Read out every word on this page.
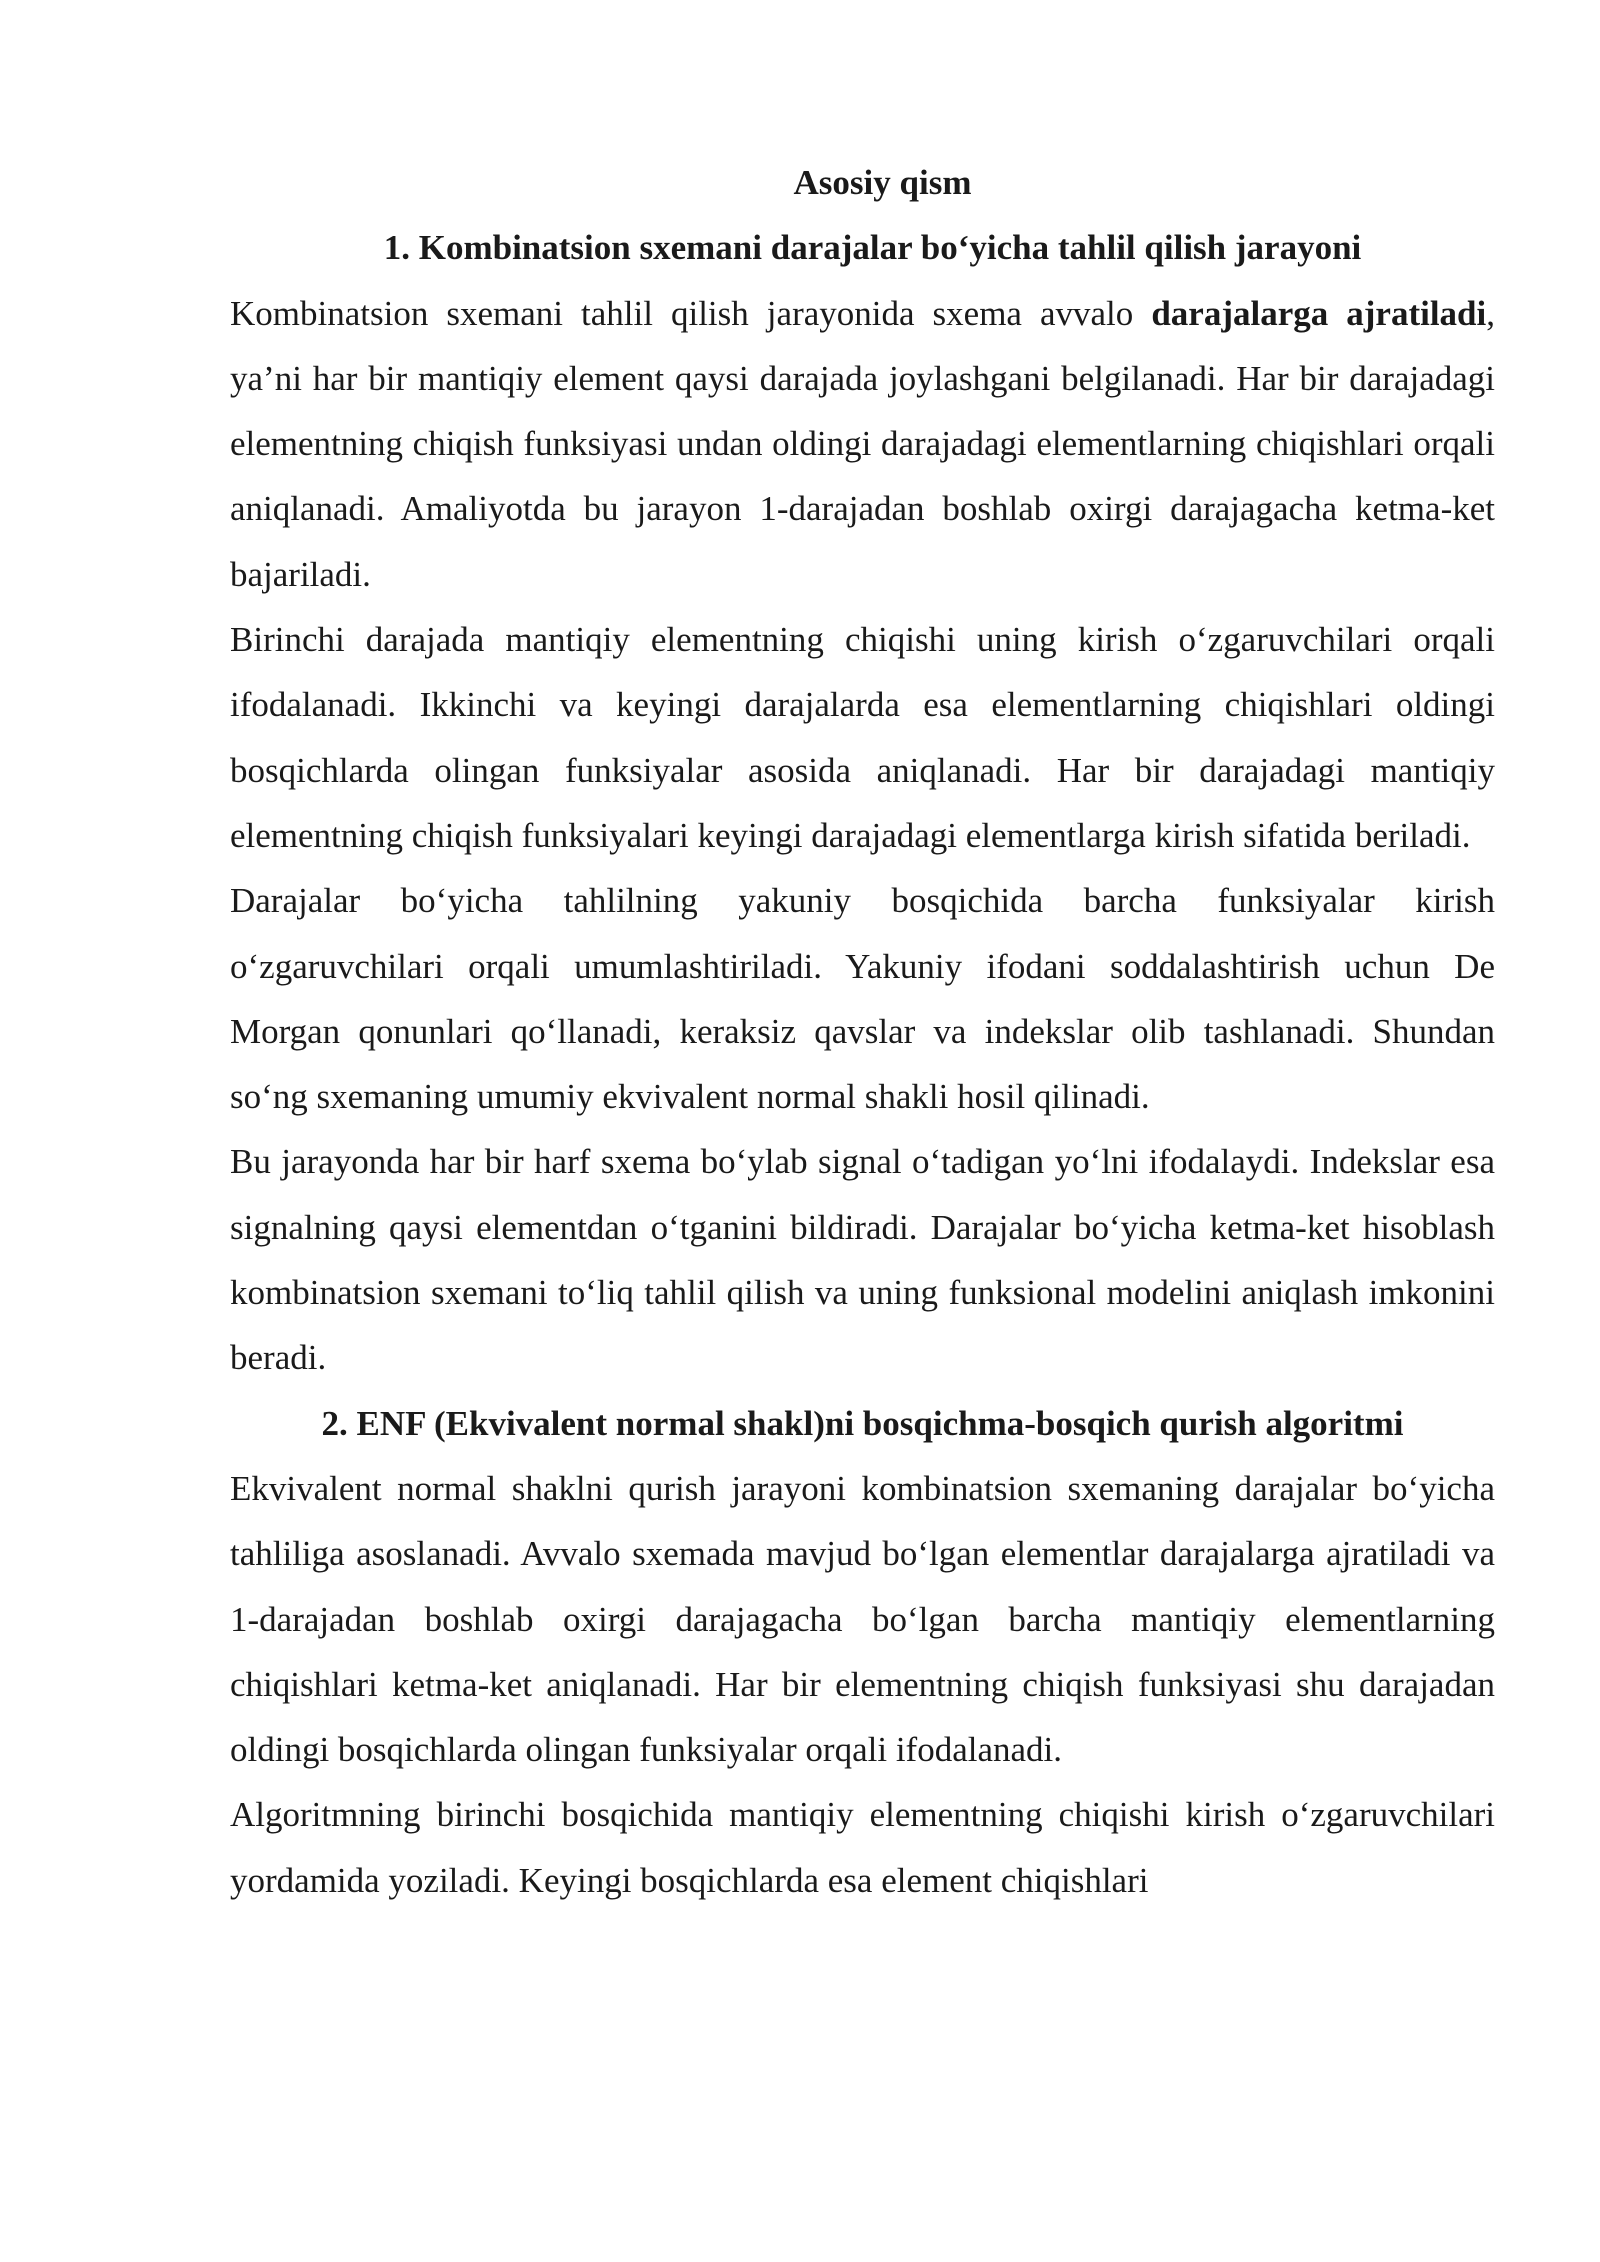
Asosiy qism
1. Kombinatsion sxemani darajalar bo‘yicha tahlil qilish jarayoni

Kombinatsion sxemani tahlil qilish jarayonida sxema avvalo darajalarga ajratiladi, ya’ni har bir mantiqiy element qaysi darajada joylashgani belgilanadi. Har bir darajadagi elementning chiqish funksiyasi undan oldingi darajadagi elementlarning chiqishlari orqali aniqlanadi. Amaliyotda bu jarayon 1-darajadan boshlab oxirgi darajagacha ketma-ket bajariladi.

Birinchi darajada mantiqiy elementning chiqishi uning kirish o‘zgaruvchilari orqali ifodalanadi. Ikkinchi va keyingi darajalarda esa elementlarning chiqishlari oldingi bosqichlarda olingan funksiyalar asosida aniqlanadi. Har bir darajadagi mantiqiy elementning chiqish funksiyalari keyingi darajadagi elementlarga kirish sifatida beriladi.

Darajalar bo‘yicha tahlilning yakuniy bosqichida barcha funksiyalar kirish o‘zgaruvchilari orqali umumlashtiriladi. Yakuniy ifodani soddalashtirish uchun De Morgan qonunlari qo‘llanadi, keraksiz qavslar va indekslar olib tashlanadi. Shundan so‘ng sxemaning umumiy ekvivalent normal shakli hosil qilinadi.

Bu jarayonda har bir harf sxema bo‘ylab signal o‘tadigan yo‘lni ifodalaydi. Indekslar esa signalning qaysi elementdan o‘tganini bildiradi. Darajalar bo‘yicha ketma-ket hisoblash kombinatsion sxemani to‘liq tahlil qilish va uning funksional modelini aniqlash imkonini beradi.

2. ENF (Ekvivalent normal shakl)ni bosqichma-bosqich qurish algoritmi

Ekvivalent normal shaklni qurish jarayoni kombinatsion sxemaning darajalar bo‘yicha tahliliga asoslanadi. Avvalo sxemada mavjud bo‘lgan elementlar darajalarga ajratiladi va 1-darajadan boshlab oxirgi darajagacha bo‘lgan barcha mantiqiy elementlarning chiqishlari ketma-ket aniqlanadi. Har bir elementning chiqish funksiyasi shu darajadan oldingi bosqichlarda olingan funksiyalar orqali ifodalanadi.

Algoritmning birinchi bosqichida mantiqiy elementning chiqishi kirish o‘zgaruvchilari yordamida yoziladi. Keyingi bosqichlarda esa element chiqishlari
